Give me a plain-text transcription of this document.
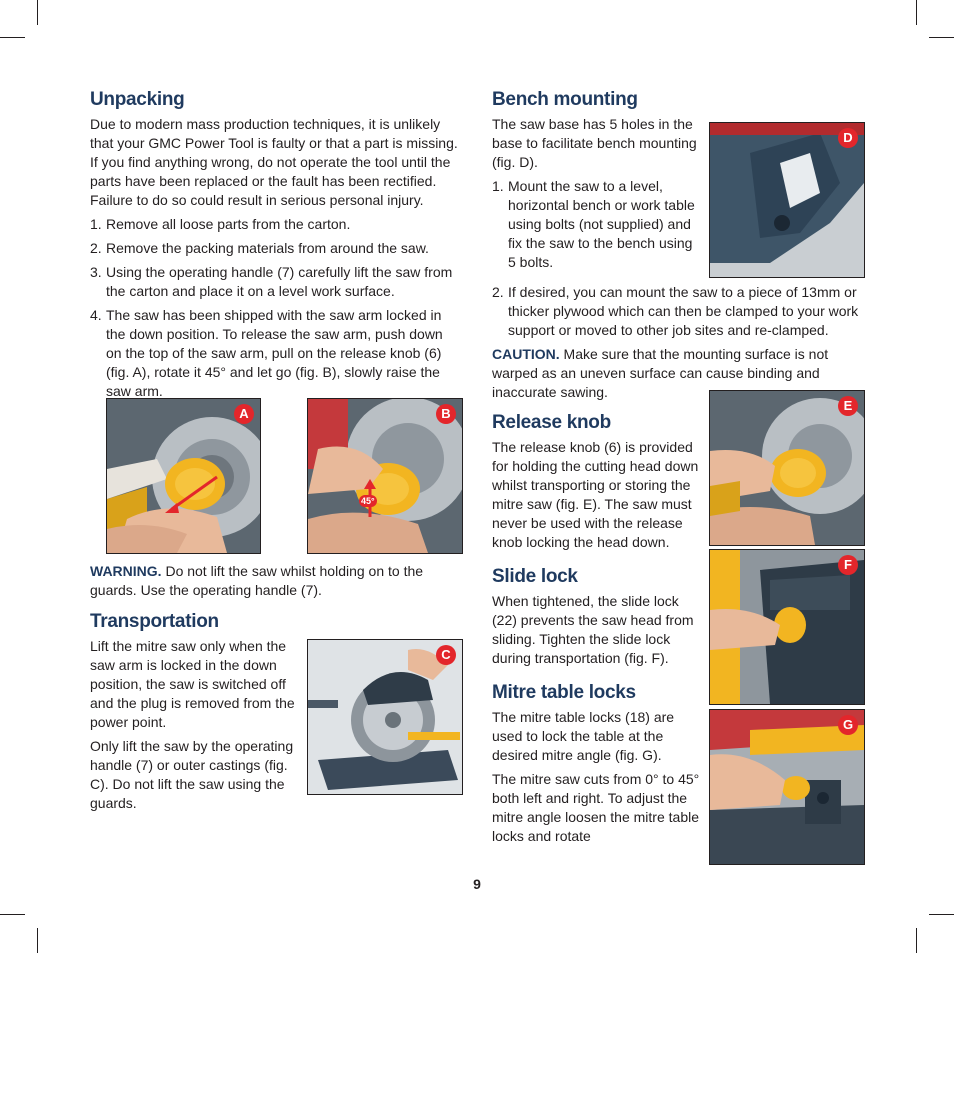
Unpacking

Due to modern mass production techniques, it is unlikely that your GMC Power Tool is faulty or that a part is missing. If you find anything wrong, do not operate the tool until the parts have been replaced or the fault has been rectified. Failure to do so could result in serious personal injury.

1. Remove all loose parts from the carton.
2. Remove the packing materials from around the saw.
3. Using the operating handle (7) carefully lift the saw from the carton and place it on a level work surface.
4. The saw has been shipped with the saw arm locked in the down position. To release the saw arm, push down on the top of the saw arm, pull on the release knob (6) (fig. A), rotate it 45° and let go (fig. B), slowly raise the saw arm.
A	B
45°

WARNING. Do not lift the saw whilst holding on to the guards. Use the operating handle (7).

Transportation

Lift the mitre saw only when the saw arm is locked in the down position, the saw is switched off and the plug is removed from the power point.

Only lift the saw by the operating handle (7) or outer castings (fig. C). Do not lift the saw using the guards.

C
Bench mounting

The saw base has 5 holes in the base to facilitate bench mounting (fig. D).

1. Mount the saw to a level, horizontal bench or work table using bolts (not supplied) and fix the saw to the bench using 5 bolts.
D
2. If desired, you can mount the saw to a piece of 13mm or thicker plywood which can then be clamped to your work support or moved to other job sites and re-clamped.

CAUTION. Make sure that the mounting surface is not warped as an uneven surface can cause binding and inaccurate sawing.

Release knob

The release knob (6) is provided for holding the cutting head down whilst transporting or storing the mitre saw (fig. E). The saw must never be used with the release knob locking the head down.

E
Slide lock

When tightened, the slide lock (22) prevents the saw head from sliding. Tighten the slide lock during transportation (fig. F).

F
Mitre table locks

The mitre table locks (18) are used to lock the table at the desired mitre angle (fig. G).

The mitre saw cuts from 0° to 45° both left and right. To adjust the mitre angle loosen the mitre table locks and rotate

G
9
